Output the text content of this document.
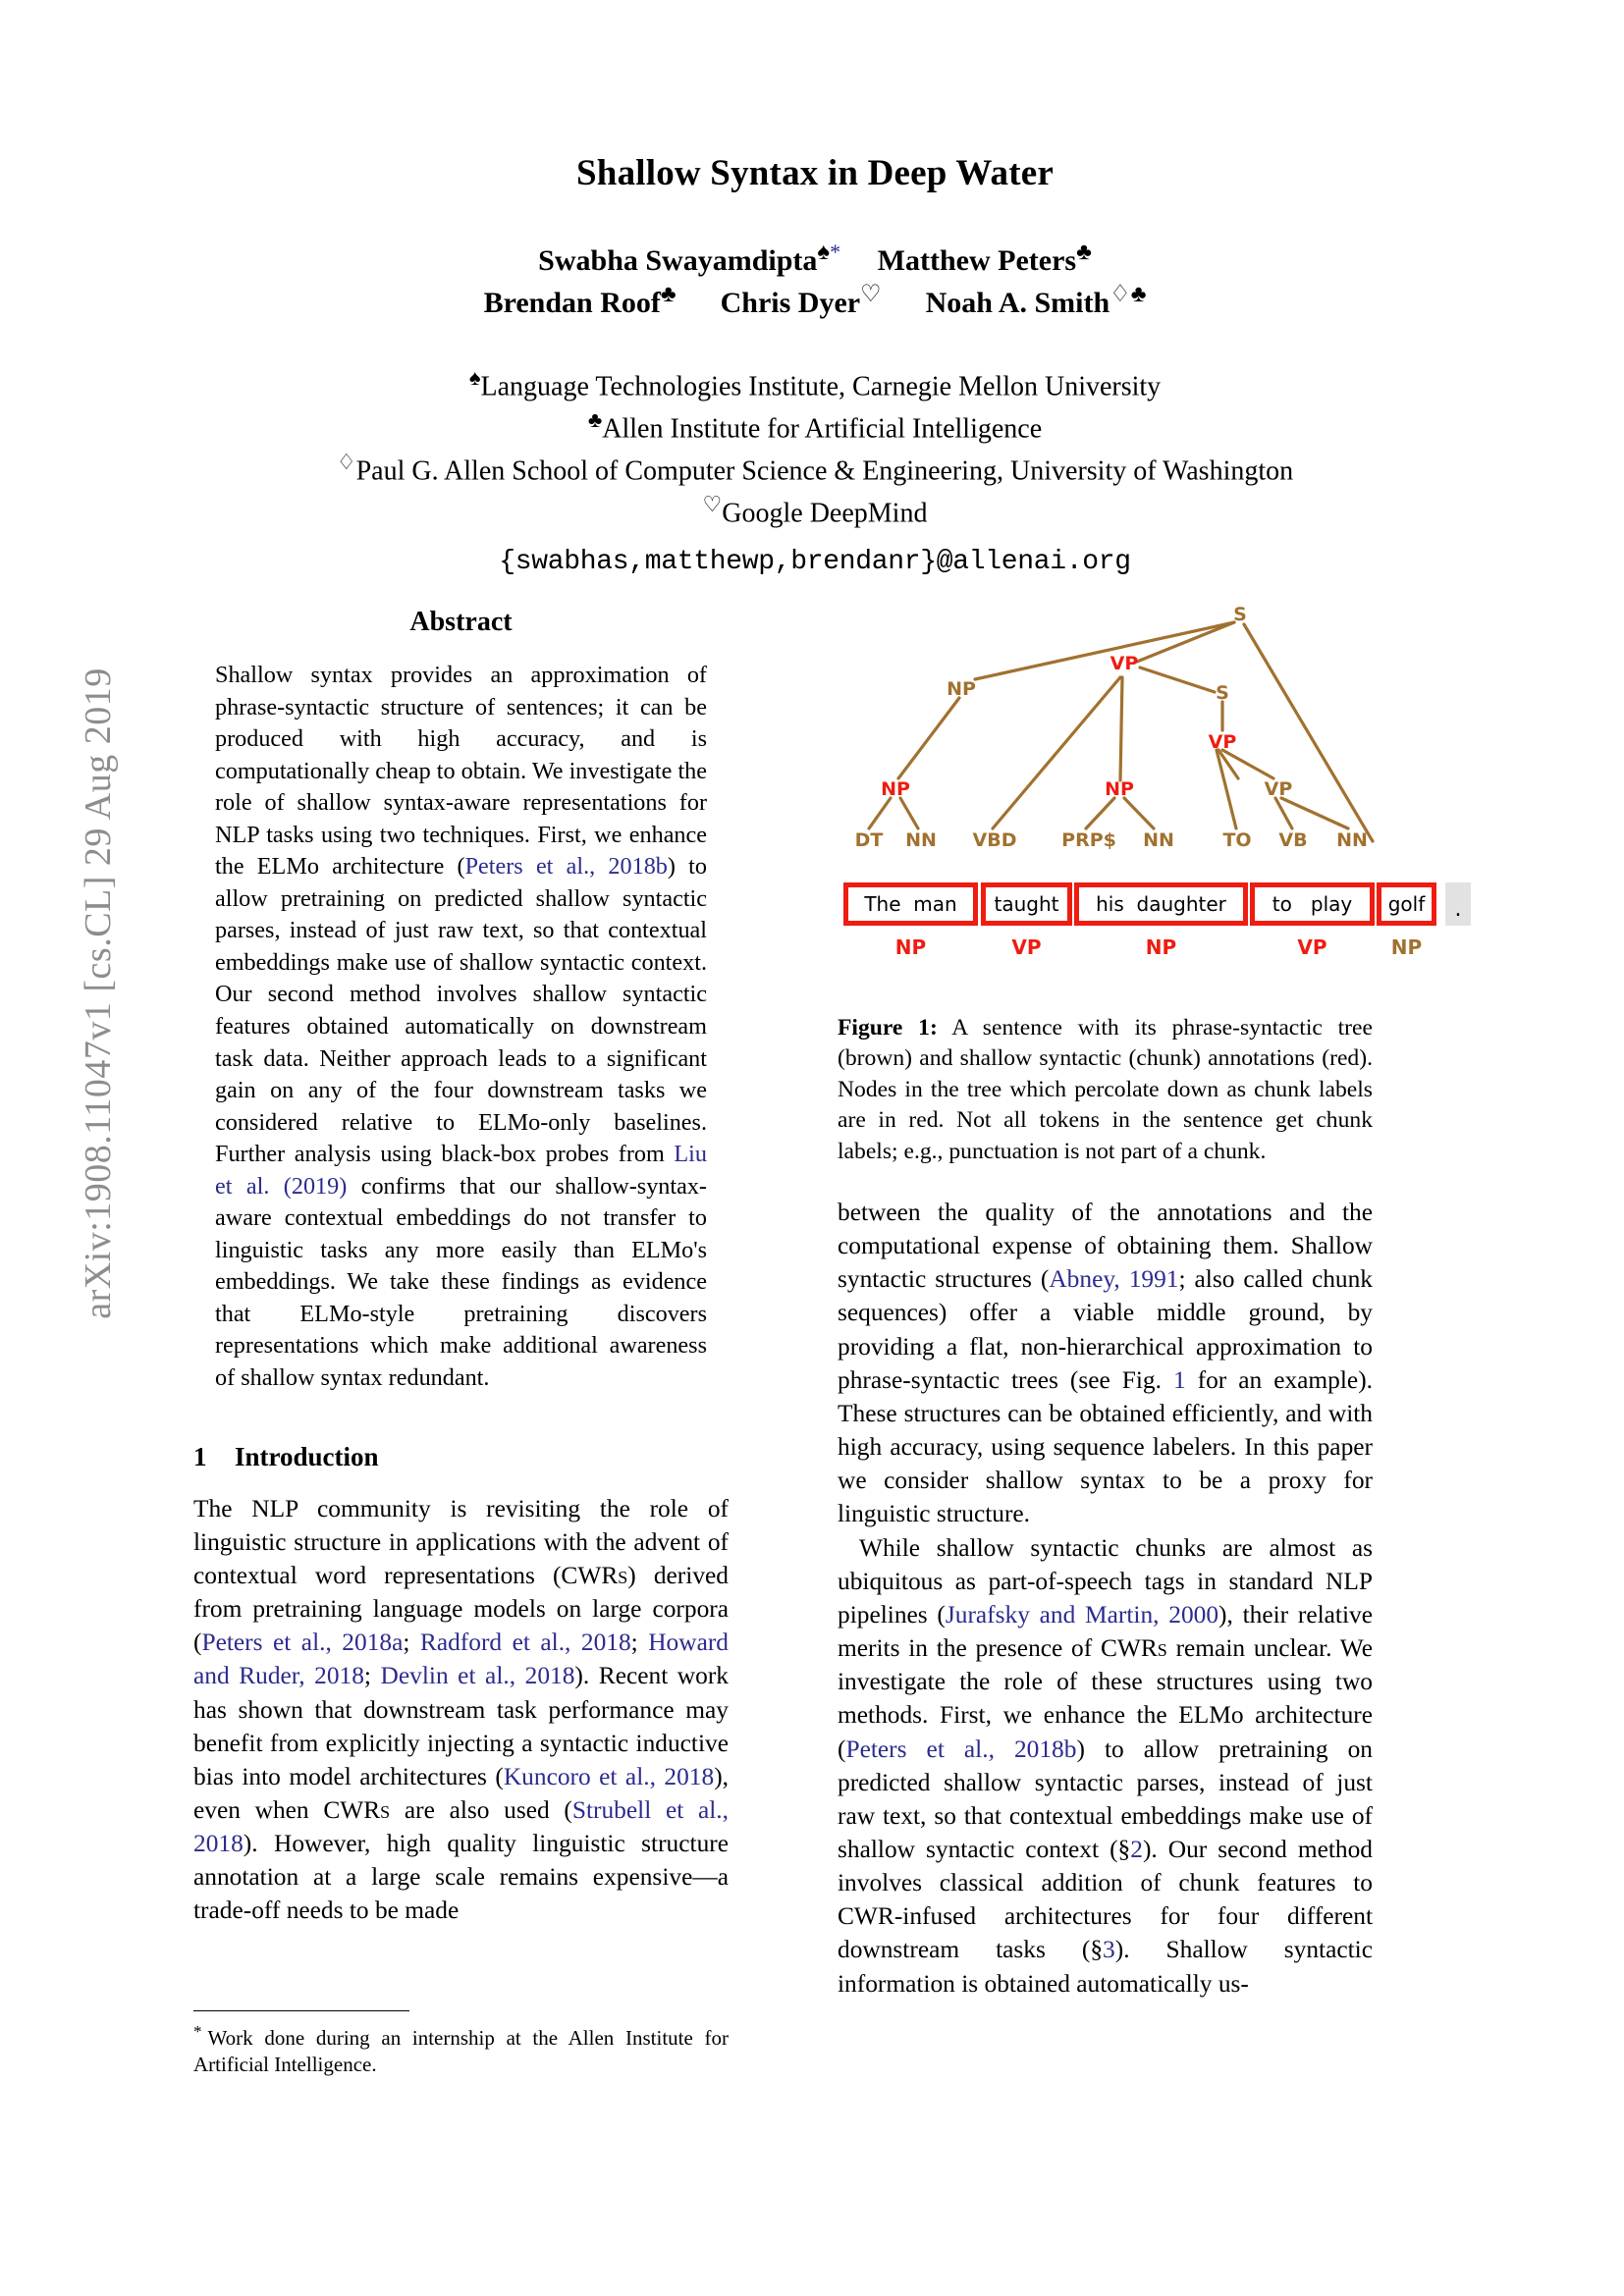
arXiv:1908.11047v1 [cs.CL] 29 Aug 2019
Shallow Syntax in Deep Water
Swabha Swayamdipta♠* Matthew Peters♣
Brendan Roof♣ Chris Dyer♡ Noah A. Smith♢♣
♠Language Technologies Institute, Carnegie Mellon University
♣Allen Institute for Artificial Intelligence
♢Paul G. Allen School of Computer Science & Engineering, University of Washington
♡Google DeepMind
{swabhas,matthewp,brendanr}@allenai.org
Abstract
Shallow syntax provides an approximation of phrase-syntactic structure of sentences; it can be produced with high accuracy, and is computationally cheap to obtain. We investigate the role of shallow syntax-aware representations for NLP tasks using two techniques. First, we enhance the ELMo architecture (Peters et al., 2018b) to allow pretraining on predicted shallow syntactic parses, instead of just raw text, so that contextual embeddings make use of shallow syntactic context. Our second method involves shallow syntactic features obtained automatically on downstream task data. Neither approach leads to a significant gain on any of the four downstream tasks we considered relative to ELMo-only baselines. Further analysis using black-box probes from Liu et al. (2019) confirms that our shallow-syntax-aware contextual embeddings do not transfer to linguistic tasks any more easily than ELMo's embeddings. We take these findings as evidence that ELMo-style pretraining discovers representations which make additional awareness of shallow syntax redundant.
1 Introduction

The NLP community is revisiting the role of linguistic structure in applications with the advent of contextual word representations (CWRs) derived from pretraining language models on large corpora (Peters et al., 2018a; Radford et al., 2018; Howard and Ruder, 2018; Devlin et al., 2018). Recent work has shown that downstream task performance may benefit from explicitly injecting a syntactic inductive bias into model architectures (Kuncoro et al., 2018), even when CWRs are also used (Strubell et al., 2018). However, high quality linguistic structure annotation at a large scale remains expensive—a trade-off needs to be made

* Work done during an internship at the Allen Institute for Artificial Intelligence.

S
VP
NP	S
VP
NP	NP	VP
DT NN VBD PRP$ NN	TO VB NN
The  man	taught	his  daughter	to   play	golf	.
NP	VP	NP	VP	NP
Figure 1: A sentence with its phrase-syntactic tree (brown) and shallow syntactic (chunk) annotations (red). Nodes in the tree which percolate down as chunk labels are in red. Not all tokens in the sentence get chunk labels; e.g., punctuation is not part of a chunk.

between the quality of the annotations and the computational expense of obtaining them. Shallow syntactic structures (Abney, 1991; also called chunk sequences) offer a viable middle ground, by providing a flat, non-hierarchical approximation to phrase-syntactic trees (see Fig. 1 for an example). These structures can be obtained efficiently, and with high accuracy, using sequence labelers. In this paper we consider shallow syntax to be a proxy for linguistic structure.

While shallow syntactic chunks are almost as ubiquitous as part-of-speech tags in standard NLP pipelines (Jurafsky and Martin, 2000), their relative merits in the presence of CWRs remain unclear. We investigate the role of these structures using two methods. First, we enhance the ELMo architecture (Peters et al., 2018b) to allow pretraining on predicted shallow syntactic parses, instead of just raw text, so that contextual embeddings make use of shallow syntactic context (§2). Our second method involves classical addition of chunk features to CWR-infused architectures for four different downstream tasks (§3). Shallow syntactic information is obtained automatically us-
